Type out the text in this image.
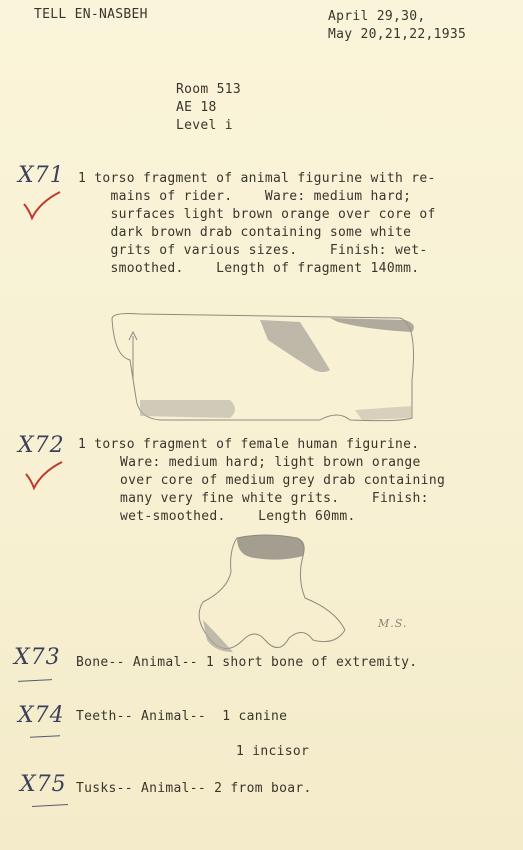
TELL EN-NASBEH	April 29,30,
May 20,21,22,1935
Room 513
AE 18
Level i
X71 1 torso fragment of animal figurine with re-
mains of rider.    Ware: medium hard;
surfaces light brown orange over core of
dark brown drab containing some white
grits of various sizes.    Finish: wet-
smoothed.    Length of fragment 140mm.
X72 1 torso fragment of female human figurine.
Ware: medium hard; light brown orange
over core of medium grey drab containing
many very fine white grits.    Finish:
wet-smoothed.    Length 60mm.
M.S.
X73 Bone-- Animal-- 1 short bone of extremity.
X74 Teeth-- Animal--  1 canine
1 incisor
X75 Tusks-- Animal-- 2 from boar.
